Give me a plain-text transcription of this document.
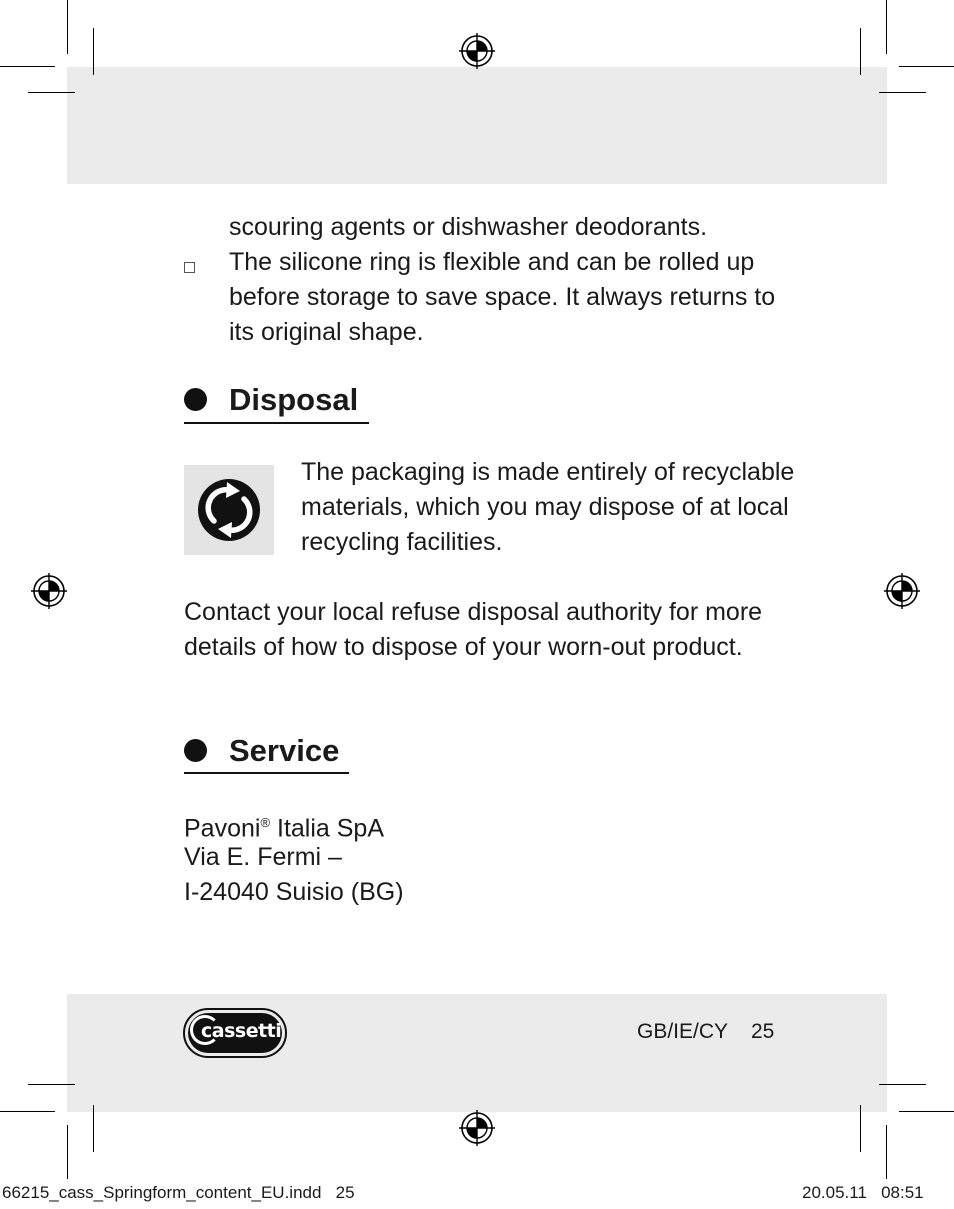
scouring agents or dishwasher deodorants.
The silicone ring is flexible and can be rolled up
before storage to save space. It always returns to
its original shape.
Disposal
The packaging is made entirely of recyclable
materials, which you may dispose of at local
recycling facilities.
Contact your local refuse disposal authority for more
details of how to dispose of your worn-out product.
Service
Pavoni® Italia SpA
Via E. Fermi –
I-24040 Suisio (BG)
cassetti	GB/IE/CY 25
66215_cass_Springform_content_EU.indd 25	20.05.11 08:51
